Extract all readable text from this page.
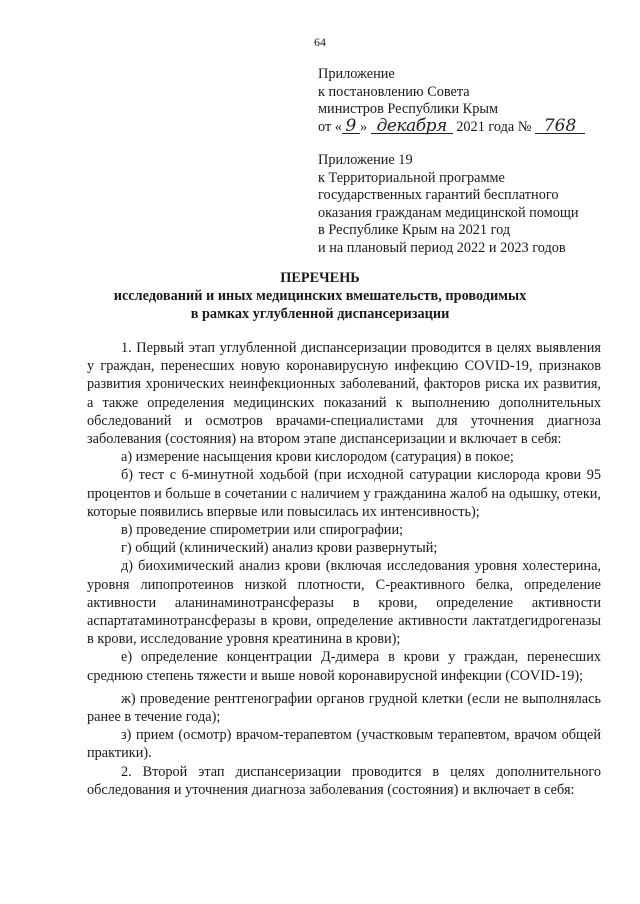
64
Приложение
к постановлению Совета
министров Республики Крым
от « 9 » декабря 2021 года № 768
Приложение 19
к Территориальной программе
государственных гарантий бесплатного
оказания гражданам медицинской помощи
в Республике Крым на 2021 год
и на плановый период 2022 и 2023 годов
ПЕРЕЧЕНЬ
исследований и иных медицинских вмешательств, проводимых
в рамках углубленной диспансеризации

1. Первый этап углубленной диспансеризации проводится в целях выявления у граждан, перенесших новую коронавирусную инфекцию COVID-19, признаков развития хронических неинфекционных заболеваний, факторов риска их развития, а также определения медицинских показаний к выполнению дополнительных обследований и осмотров врачами-специалистами для уточнения диагноза заболевания (состояния) на втором этапе диспансеризации и включает в себя:

а) измерение насыщения крови кислородом (сатурация) в покое;

б) тест с 6-минутной ходьбой (при исходной сатурации кислорода крови 95 процентов и больше в сочетании с наличием у гражданина жалоб на одышку, отеки, которые появились впервые или повысилась их интенсивность);

в) проведение спирометрии или спирографии;

г) общий (клинический) анализ крови развернутый;

д) биохимический анализ крови (включая исследования уровня холестерина, уровня липопротеинов низкой плотности, С-реактивного белка, определение активности аланинаминотрансферазы в крови, определение активности аспартатаминотрансферазы в крови, определение активности лактатдегидрогеназы в крови, исследование уровня креатинина в крови);

е) определение концентрации Д-димера в крови у граждан, перенесших среднюю степень тяжести и выше новой коронавирусной инфекции (COVID-19);

ж) проведение рентгенографии органов грудной клетки (если не выполнялась ранее в течение года);

з) прием (осмотр) врачом-терапевтом (участковым терапевтом, врачом общей практики).

2. Второй этап диспансеризации проводится в целях дополнительного обследования и уточнения диагноза заболевания (состояния) и включает в себя:
